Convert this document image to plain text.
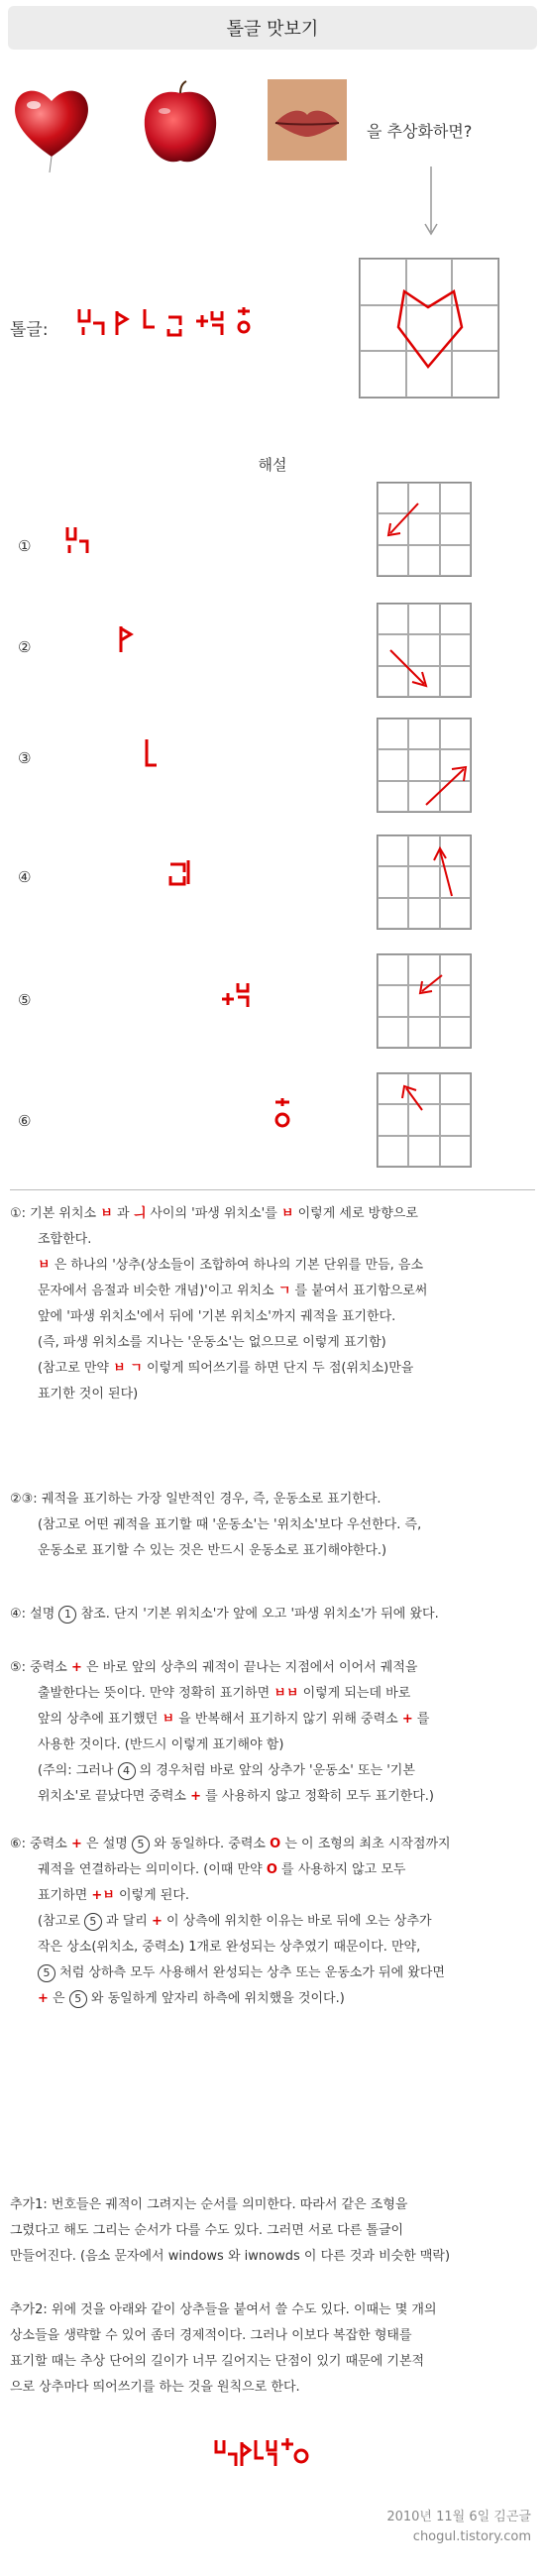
톨글 맛보기
을 추상화하면?
톨글:
해설
①
②
③
④
⑤
⑥
①: 기본 위치소 ㅂ 과 ㅢ 사이의 '파생 위치소'를 ㅂ 이렇게 세로 방향으로
조합한다.
ㅂ 은 하나의 '상추(상소들이 조합하여 하나의 기본 단위를 만듬, 음소
문자에서 음절과 비슷한 개념)'이고 위치소 ㄱ 를 붙여서 표기함으로써
앞에 '파생 위치소'에서 뒤에 '기본 위치소'까지 궤적을 표기한다.
(즉, 파생 위치소를 지나는 '운동소'는 없으므로 이렇게 표기함)
(참고로 만약 ㅂ ㄱ 이렇게 띄어쓰기를 하면 단지 두 점(위치소)만을
표기한 것이 된다)
②③: 궤적을 표기하는 가장 일반적인 경우, 즉, 운동소로 표기한다.
(참고로 어떤 궤적을 표기할 때 '운동소'는 '위치소'보다 우선한다. 즉,
운동소로 표기할 수 있는 것은 반드시 운동소로 표기해야한다.)
④: 설명 1 참조. 단지 '기본 위치소'가 앞에 오고 '파생 위치소'가 뒤에 왔다.
⑤: 중력소 + 은 바로 앞의 상추의 궤적이 끝나는 지점에서 이어서 궤적을
출발한다는 뜻이다. 만약 정확히 표기하면 ㅂㅂ 이렇게 되는데 바로
앞의 상추에 표기했던 ㅂ 을 반복해서 표기하지 않기 위해 중력소 + 를
사용한 것이다. (반드시 이렇게 표기해야 함)
(주의: 그러나 4 의 경우처럼 바로 앞의 상추가 '운동소' 또는 '기본
위치소'로 끝났다면 중력소 + 를 사용하지 않고 정확히 모두 표기한다.)
⑥: 중력소 + 은 설명 5 와 동일하다. 중력소 O 는 이 조형의 최초 시작점까지
궤적을 연결하라는 의미이다. (이때 만약 O 를 사용하지 않고 모두
표기하면 +ㅂ 이렇게 된다.
(참고로 5 과 달리 + 이 상측에 위치한 이유는 바로 뒤에 오는 상추가
작은 상소(위치소, 중력소) 1개로 완성되는 상추였기 때문이다. 만약,
5 처럼 상하측 모두 사용해서 완성되는 상추 또는 운동소가 뒤에 왔다면
+ 은 5 와 동일하게 앞자리 하측에 위치했을 것이다.)
추가1: 번호들은 궤적이 그려지는 순서를 의미한다. 따라서 같은 조형을
그렸다고 해도 그리는 순서가 다를 수도 있다. 그러면 서로 다른 톨글이
만들어진다. (음소 문자에서 windows 와 iwnowds 이 다른 것과 비슷한 맥락)
추가2: 위에 것을 아래와 같이 상추들을 붙여서 쓸 수도 있다. 이때는 몇 개의
상소들을 생략할 수 있어 좀더 경제적이다. 그러나 이보다 복잡한 형태를
표기할 때는 추상 단어의 길이가 너무 길어지는 단점이 있기 때문에 기본적
으로 상추마다 띄어쓰기를 하는 것을 원칙으로 한다.
2010년 11월 6일 김곤글
chogul.tistory.com
